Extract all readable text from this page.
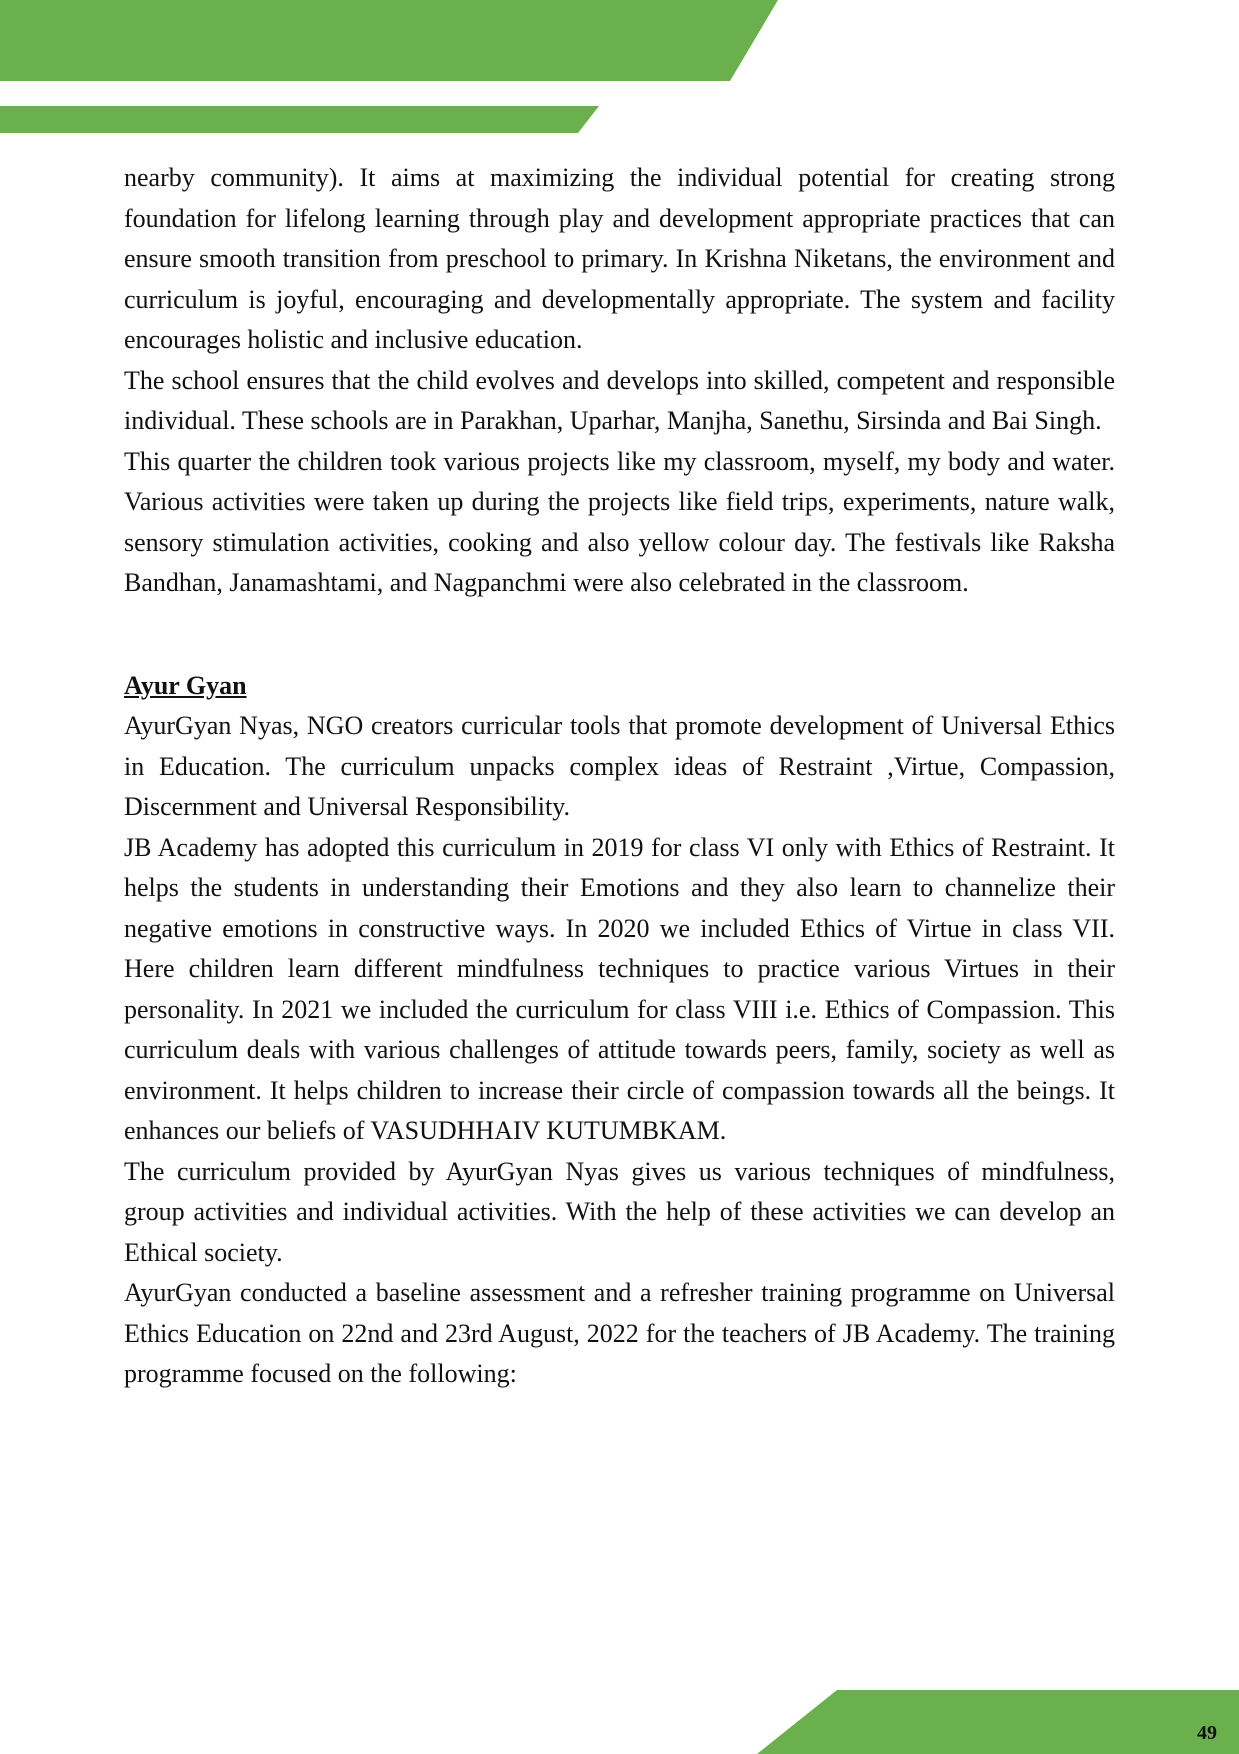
nearby community). It aims at maximizing the individual potential for creating strong foundation for lifelong learning through play and development appropriate practices that can ensure smooth transition from preschool to primary. In Krishna Niketans, the environment and curriculum is joyful, encouraging and developmentally appropriate. The system and facility encourages holistic and inclusive education.

The school ensures that the child evolves and develops into skilled, competent and responsible individual. These schools are in Parakhan, Uparhar, Manjha, Sanethu, Sirsinda and Bai Singh.

This quarter the children took various projects like my classroom, myself, my body and water. Various activities were taken up during the projects like field trips, experiments, nature walk, sensory stimulation activities, cooking and also yellow colour day. The festivals like Raksha Bandhan, Janamashtami, and Nagpanchmi were also celebrated in the classroom.

Ayur Gyan

AyurGyan Nyas, NGO creators curricular tools that promote development of Universal Ethics in Education. The curriculum unpacks complex ideas of Restraint ,Virtue, Compassion, Discernment and Universal Responsibility.

JB Academy has adopted this curriculum in 2019 for class VI only with Ethics of Restraint. It helps the students in understanding their Emotions and they also learn to channelize their negative emotions in constructive ways. In 2020 we included Ethics of Virtue in class VII. Here children learn different mindfulness techniques to practice various Virtues in their personality. In 2021 we included the curriculum for class VIII i.e. Ethics of Compassion. This curriculum deals with various challenges of attitude towards peers, family, society as well as environment. It helps children to increase their circle of compassion towards all the beings. It enhances our beliefs of VASUDHHAIV KUTUMBKAM.

The curriculum provided by AyurGyan Nyas gives us various techniques of mindfulness, group activities and individual activities. With the help of these activities we can develop an Ethical society.

AyurGyan conducted a baseline assessment and a refresher training programme on Universal Ethics Education on 22nd and 23rd August, 2022 for the teachers of JB Academy. The training programme focused on the following:

49
